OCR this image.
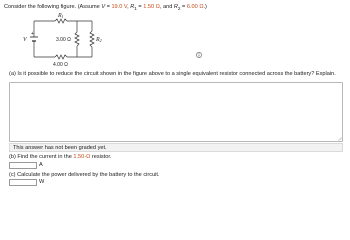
Consider the following figure. (Assume V = 19.0 V, $R_1 = 1.50$ Ω, and $R_2 = 6.00$ Ω.)
+
V
R1
3.00 Ω	R2
4.00 Ω
(a) Is it possible to reduce the circuit shown in the figure above to a single equivalent resistor connected across the battery? Explain.
This answer has not been graded yet.
(b) Find the current in the 1.50-Ω resistor.
A
(c) Calculate the power delivered by the battery to the circuit.
W
